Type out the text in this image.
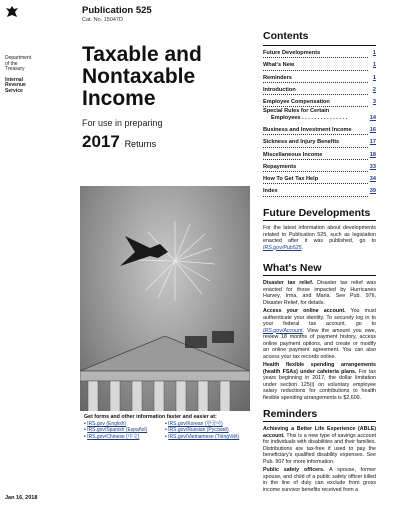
Department
of the
Treasury
Internal
Revenue
Service
Publication 525
Cat. No. 15047D
Taxable and
Nontaxable
Income
For use in preparing
2017 Returns
Get forms and other information faster and easier at:
• IRS.gov (English)
• IRS.gov/Spanish (Español)
• IRS.gov/Chinese (中文)
• IRS.gov/Korean (한국어)
• IRS.gov/Russian (Pусский)
• IRS.gov/Vietnamese (TiếngViệt)
Jan 16, 2018
Contents
Future Developments	1
What's New	1
Reminders	1
Introduction	2
Employee Compensation	3
Special Rules for Certain
Employees . . . . . . . . . . . . . . .	14
Business and Investment Income	16
Sickness and Injury Benefits	17
Miscellaneous Income	18
Repayments	33
How To Get Tax Help	34
Index	39
Future Developments
For the latest information about developments related to Publication 525, such as legislation enacted after it was published, go to IRS.gov/Pub525.
What's New
Disaster tax relief. Disaster tax relief was enacted for those impacted by Hurricanes Harvey, Irma, and Maria. See Pub. 976, Disaster Relief, for details.
Access your online account. You must authenticate your identity. To securely log in to your federal tax account, go to IRS.gov/Account. View the amount you owe, review 18 months of payment history, access online payment options, and create or modify an online payment agreement. You can also access your tax records online.
Health flexible spending arrangements (health FSAs) under cafeteria plans. For tax years beginning in 2017, the dollar limitation under section 125(i) on voluntary employee salary reductions for contributions to health flexible spending arrangements is $2,600.
Reminders
Achieving a Better Life Experience (ABLE) account. This is a new type of savings account for individuals with disabilities and their families. Distributions are tax-free if used to pay the beneficiary's qualified disability expenses. See Pub. 907 for more information.
Public safety officers. A spouse, former spouse, and child of a public safety officer killed in the line of duty can exclude from gross income survivor benefits received from a
